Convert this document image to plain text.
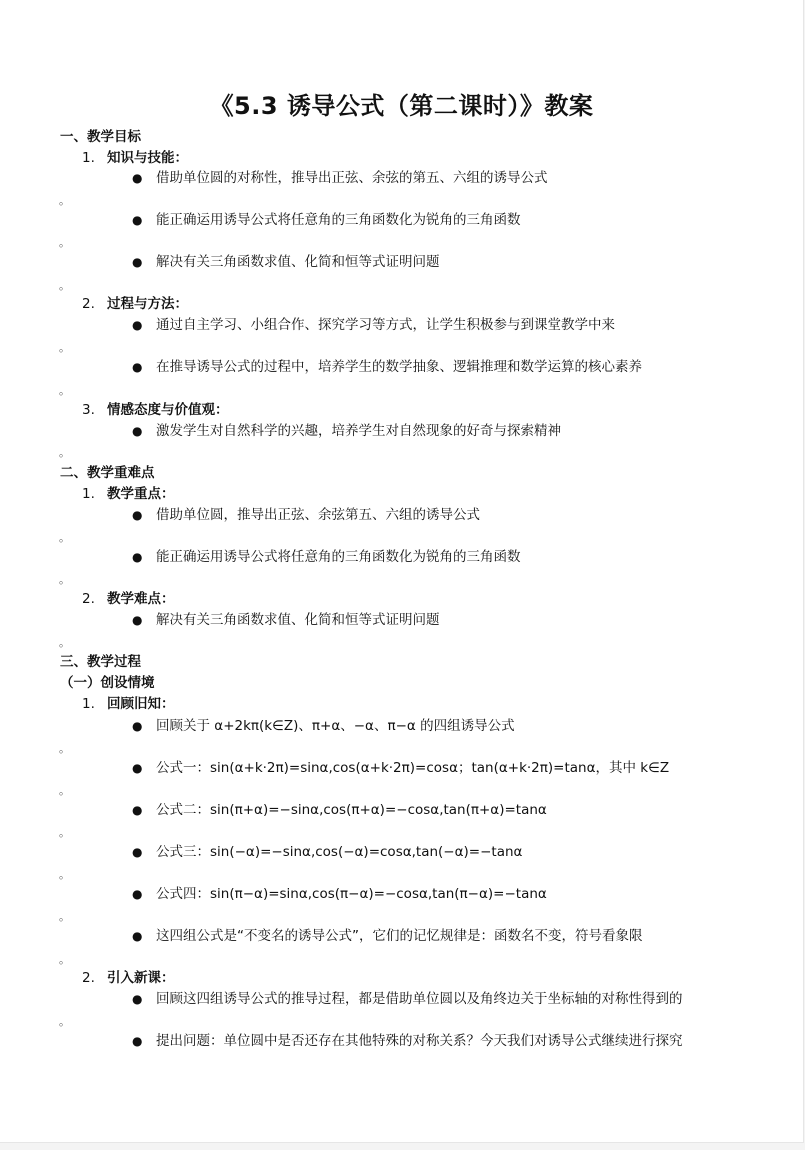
《5.3 诱导公式（第二课时）》教案
一、教学目标
1. 知识与技能：
● 借助单位圆的对称性，推导出正弦、余弦的第五、六组的诱导公式
。
● 能正确运用诱导公式将任意角的三角函数化为锐角的三角函数
。
● 解决有关三角函数求值、化简和恒等式证明问题
。
2. 过程与方法：
● 通过自主学习、小组合作、探究学习等方式，让学生积极参与到课堂教学中来
。
● 在推导诱导公式的过程中，培养学生的数学抽象、逻辑推理和数学运算的核心素养
。
3. 情感态度与价值观：
● 激发学生对自然科学的兴趣，培养学生对自然现象的好奇与探索精神
。
二、教学重难点
1. 教学重点：
● 借助单位圆，推导出正弦、余弦第五、六组的诱导公式
。
● 能正确运用诱导公式将任意角的三角函数化为锐角的三角函数
。
2. 教学难点：
● 解决有关三角函数求值、化简和恒等式证明问题
。
三、教学过程
（一）创设情境
1. 回顾旧知：
● 回顾关于 α+2kπ(k∈Z)、π+α、−α、π−α 的四组诱导公式
。
● 公式一：sin(α+k·2π)=sinα,cos(α+k·2π)=cosα；tan(α+k·2π)=tanα，其中 k∈Z
。
● 公式二：sin(π+α)=−sinα,cos(π+α)=−cosα,tan(π+α)=tanα
。
● 公式三：sin(−α)=−sinα,cos(−α)=cosα,tan(−α)=−tanα
。
● 公式四：sin(π−α)=sinα,cos(π−α)=−cosα,tan(π−α)=−tanα
。
● 这四组公式是“不变名的诱导公式”，它们的记忆规律是：函数名不变，符号看象限
。
2. 引入新课：
● 回顾这四组诱导公式的推导过程，都是借助单位圆以及角终边关于坐标轴的对称性得到的
。
● 提出问题：单位圆中是否还存在其他特殊的对称关系？今天我们对诱导公式继续进行探究
